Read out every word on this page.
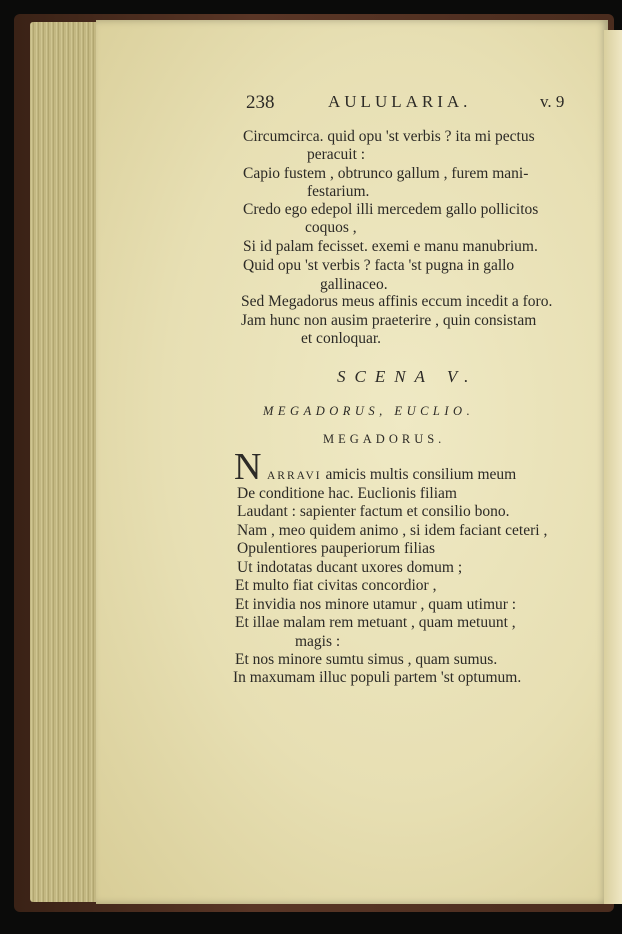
238	AULULARIA.	v. 9
Circumcirca. quid opu 'st verbis ? ita mi pectus
peracuit :
Capio fustem , obtrunco gallum , furem mani-
festarium.
Credo ego edepol illi mercedem gallo pollicitos
coquos ,
Si id palam fecisset. exemi e manu manubrium.
Quid opu 'st verbis ? facta 'st pugna in gallo
gallinaceo.
Sed Megadorus meus affinis eccum incedit a foro.
Jam hunc non ausim praeterire , quin consistam
et conloquar.
SCENA V.
MEGADORUS, EUCLIO.
MEGADORUS.
N ARRAVI amicis multis consilium meum
De conditione hac. Euclionis filiam
Laudant : sapienter factum et consilio bono.
Nam , meo quidem animo , si idem faciant ceteri ,
Opulentiores pauperiorum filias
Ut indotatas ducant uxores domum ;
Et multo fiat civitas concordior ,
Et invidia nos minore utamur , quam utimur :
Et illae malam rem metuant , quam metuunt ,
magis :
Et nos minore sumtu simus , quam sumus.
In maxumam illuc populi partem 'st optumum.
